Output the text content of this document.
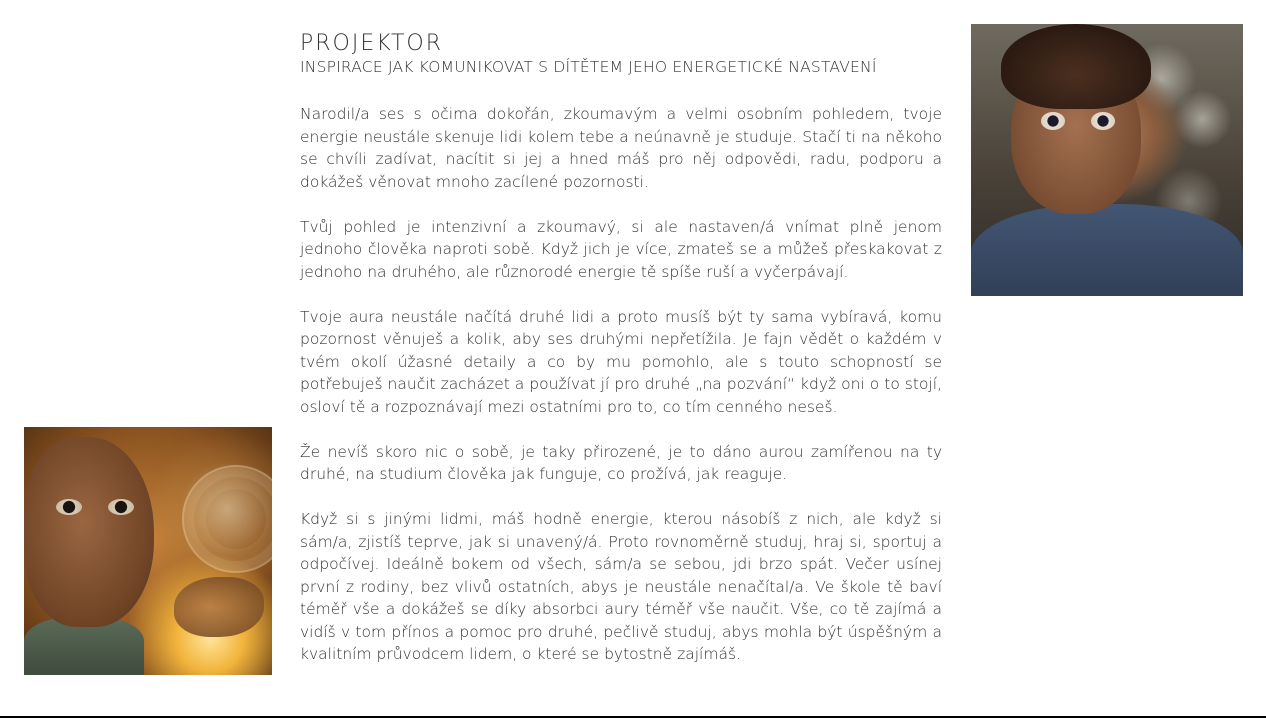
PROJEKTOR
INSPIRACE JAK KOMUNIKOVAT S DÍTĚTEM JEHO ENERGETICKÉ NASTAVENÍ

Narodil/a ses s očima dokořán, zkoumavým a velmi osobním pohledem, tvoje energie neustále skenuje lidi kolem tebe a neúnavně je studuje. Stačí ti na někoho se chvíli zadívat, nacítit si jej a hned máš pro něj odpovědi, radu, podporu a dokážeš věnovat mnoho zacílené pozornosti.

Tvůj pohled je intenzivní a zkoumavý, si ale nastaven/á vnímat plně jenom jednoho člověka naproti sobě. Když jich je více, zmateš se a můžeš přeskakovat z jednoho na druhého, ale různorodé energie tě spíše ruší a vyčerpávají.

Tvoje aura neustále načítá druhé lidi a proto musíš být ty sama vybíravá, komu pozornost věnuješ a kolik, aby ses druhými nepřetížila. Je fajn vědět o každém v tvém okolí úžasné detaily a co by mu pomohlo, ale s touto schopností se potřebuješ naučit zacházet a používat jí pro druhé „na pozvání“ když oni o to stojí, osloví tě a rozpoznávají mezi ostatními pro to, co tím cenného neseš.

Že nevíš skoro nic o sobě, je taky přirozené, je to dáno aurou zamířenou na ty druhé, na studium člověka jak funguje, co prožívá, jak reaguje.

Když si s jinými lidmi, máš hodně energie, kterou násobíš z nich, ale když si sám/a, zjistíš teprve, jak si unavený/á. Proto rovnoměrně studuj, hraj si, sportuj a odpočívej. Ideálně bokem od všech, sám/a se sebou, jdi brzo spát. Večer usínej první z rodiny, bez vlivů ostatních, abys je neustále nenačítal/a. Ve škole tě baví téměř vše a dokážeš se díky absorbci aury téměř vše naučit. Vše, co tě zajímá a vidíš v tom přínos a pomoc pro druhé, pečlivě studuj, abys mohla být úspěšným a kvalitním průvodcem lidem, o které se bytostně zajímáš.
